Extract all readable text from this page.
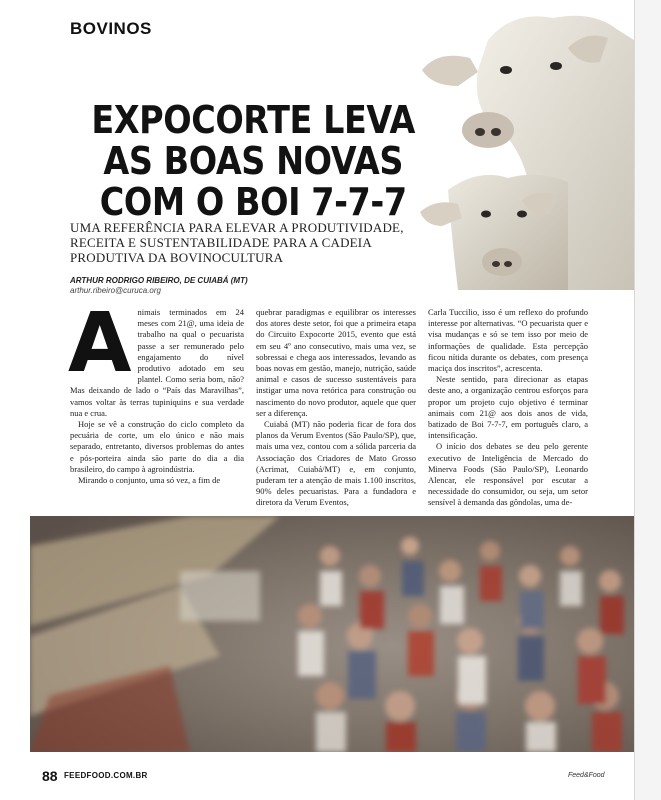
BOVINOS
EXPOCORTE LEVA
AS BOAS NOVAS
COM O BOI 7-7-7
UMA REFERÊNCIA PARA ELEVAR A PRODUTIVIDADE, RECEITA E SUSTENTABILIDADE PARA A CADEIA PRODUTIVA DA BOVINOCULTURA
ARTHUR RODRIGO RIBEIRO, DE CUIABÁ (MT)
arthur.ribeiro@curuca.org
A nimais terminados em 24 meses com 21@, uma ideia de trabalho na qual o pecuarista passe a ser remunerado pelo engajamento do nível produtivo adotado em seu plantel. Como seria bom, não? Mas deixando de lado o “País das Maravilhas”, vamos voltar às terras tupiniquins e sua verdade nua e crua.

Hoje se vê a construção do ciclo completo da pecuária de corte, um elo único e não mais separado, entretanto, diversos problemas do antes e pós-porteira ainda são parte do dia a dia brasileiro, do campo à agroindústria.

Mirando o conjunto, uma só vez, a fim de

quebrar paradigmas e equilibrar os interesses dos atores deste setor, foi que a primeira etapa do Circuito Expocorte 2015, evento que está em seu 4º ano consecutivo, mais uma vez, se sobressai e chega aos interessados, levando as boas novas em gestão, manejo, nutrição, saúde animal e casos de sucesso sustentáveis para instigar uma nova retórica para construção ou nascimento do novo produtor, aquele que quer ser a diferença.

Cuiabá (MT) não poderia ficar de fora dos planos da Verum Eventos (São Paulo/SP), que, mais uma vez, contou com a sólida parceria da Associação dos Criadores de Mato Grosso (Acrimat, Cuiabá/MT) e, em conjunto, puderam ter a atenção de mais 1.100 inscritos, 90% deles pecuaristas. Para a fundadora e diretora da Verum Eventos,

Carla Tuccilio, isso é um reflexo do profundo interesse por alternativas. “O pecuarista quer e visa mudanças e só se tem isso por meio de informações de qualidade. Esta percepção ficou nítida durante os debates, com presença maciça dos inscritos”, acrescenta.

Neste sentido, para direcionar as etapas deste ano, a organização centrou esforços para propor um projeto cujo objetivo é terminar animais com 21@ aos dois anos de vida, batizado de Boi 7-7-7, em português claro, a intensificação.

O início dos debates se deu pelo gerente executivo de Inteligência de Mercado do Minerva Foods (São Paulo/SP), Leonardo Alencar, ele responsável por escutar a necessidade do consumidor, ou seja, um setor sensível à demanda das gôndolas, uma de-

88 FEEDFOOD.COM.BR	Feed&Food
